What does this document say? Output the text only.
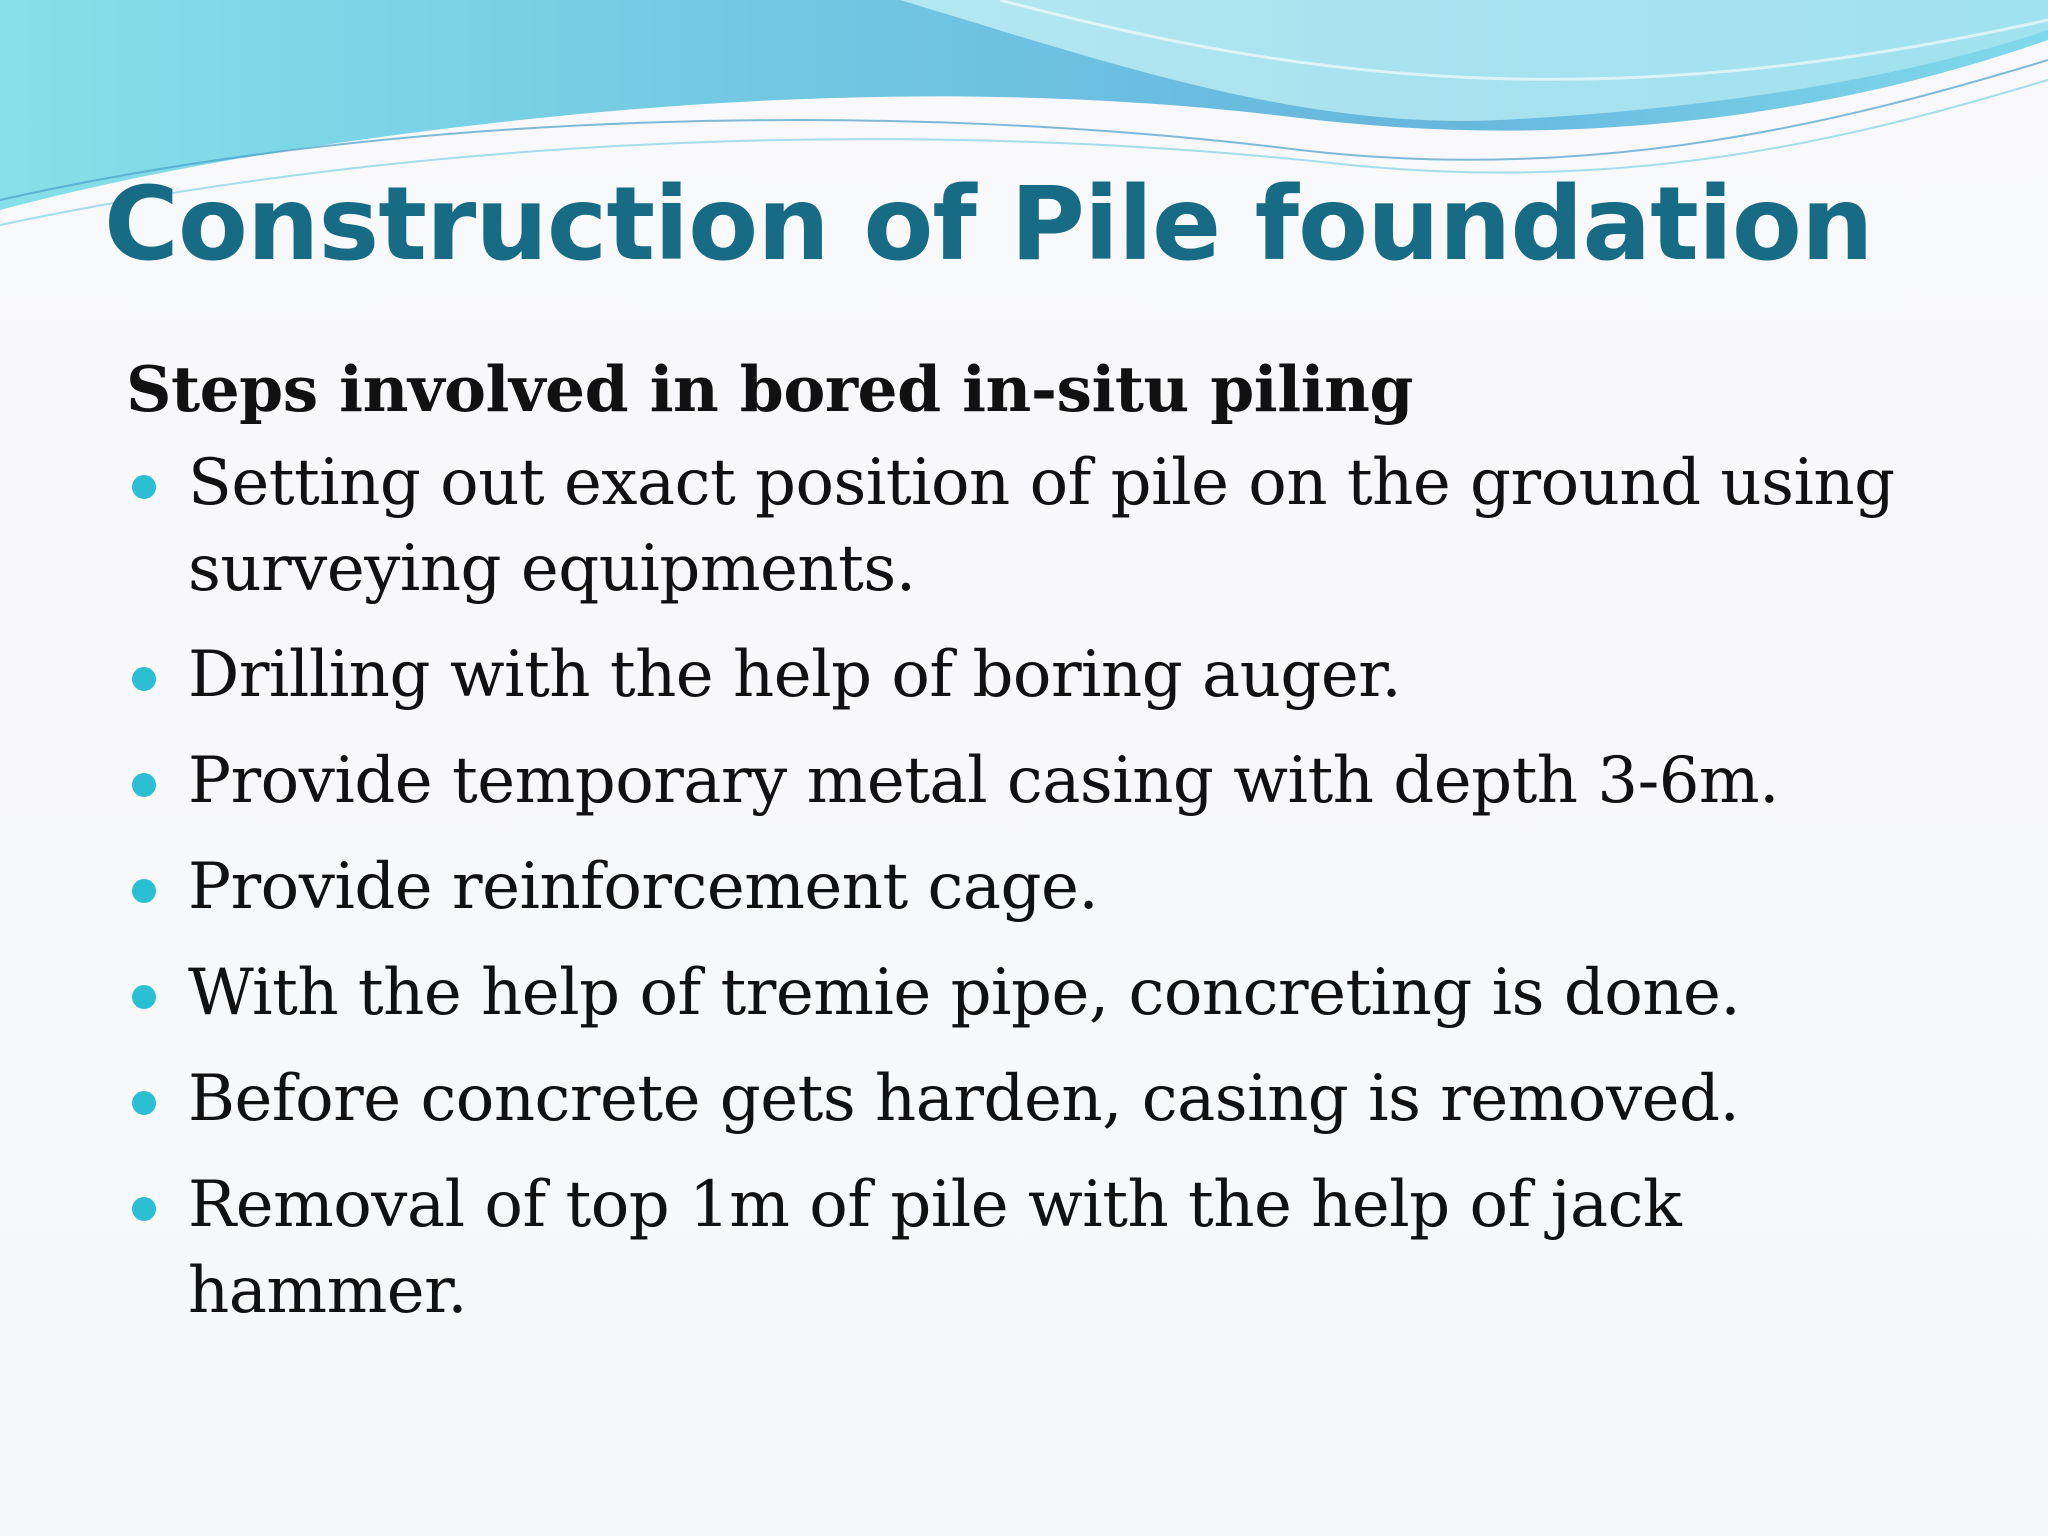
Construction of Pile foundation
Steps involved in bored in-situ piling
Setting out exact position of pile on the ground using surveying equipments.
Drilling with the help of boring auger.
Provide temporary metal casing with depth 3-6m.
Provide reinforcement cage.
With the help of tremie pipe, concreting is done.
Before concrete gets harden, casing is removed.
Removal of top 1m of pile with the help of jack hammer.
